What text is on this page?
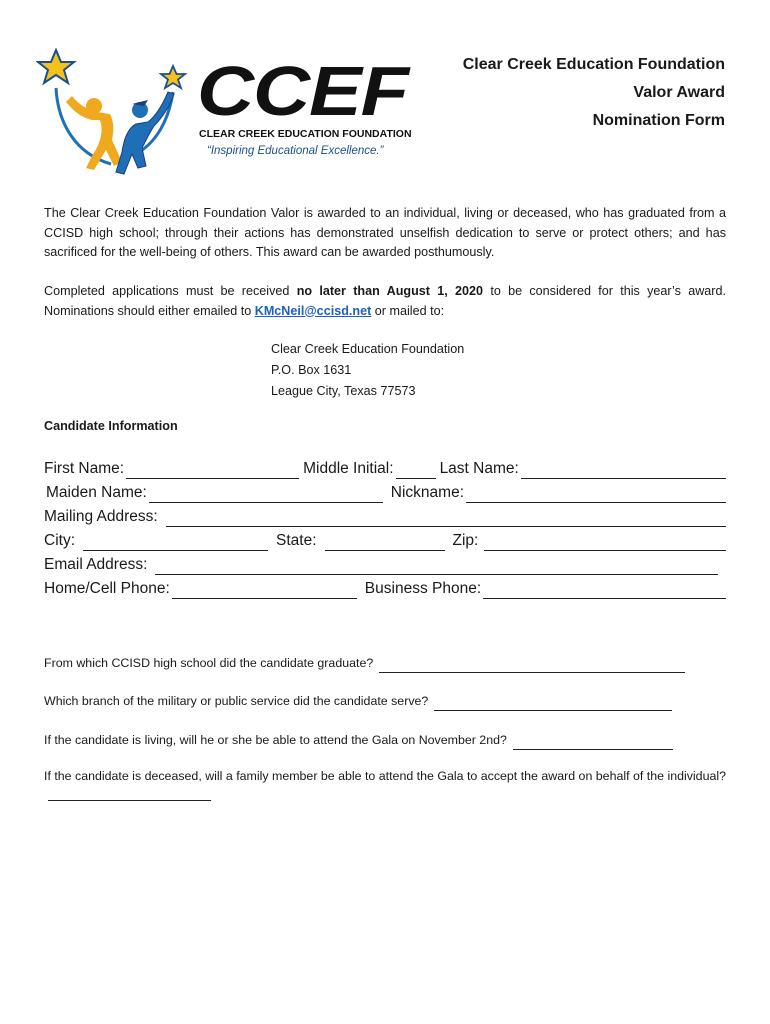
CCEF
CLEAR CREEK EDUCATION FOUNDATION
“Inspiring Educational Excellence.”
Clear Creek Education Foundation
Valor Award
Nomination Form
The Clear Creek Education Foundation Valor is awarded to an individual, living or deceased, who has graduated from a CCISD high school; through their actions has demonstrated unselfish dedication to serve or protect others; and has sacrificed for the well-being of others. This award can be awarded posthumously.
Completed applications must be received no later than August 1, 2020 to be considered for this year’s award. Nominations should either emailed to KMcNeil@ccisd.net or mailed to:
Clear Creek Education Foundation
P.O. Box 1631
League City, Texas 77573
Candidate Information
First Name:	Middle Initial:	Last Name:
Maiden Name:	Nickname:
Mailing Address:
City:	State:	Zip:
Email Address:
Home/Cell Phone:	Business Phone:
From which CCISD high school did the candidate graduate?
Which branch of the military or public service did the candidate serve?
If the candidate is living, will he or she be able to attend the Gala on November 2nd?
If the candidate is deceased, will a family member be able to attend the Gala to accept the award on behalf of the individual?
